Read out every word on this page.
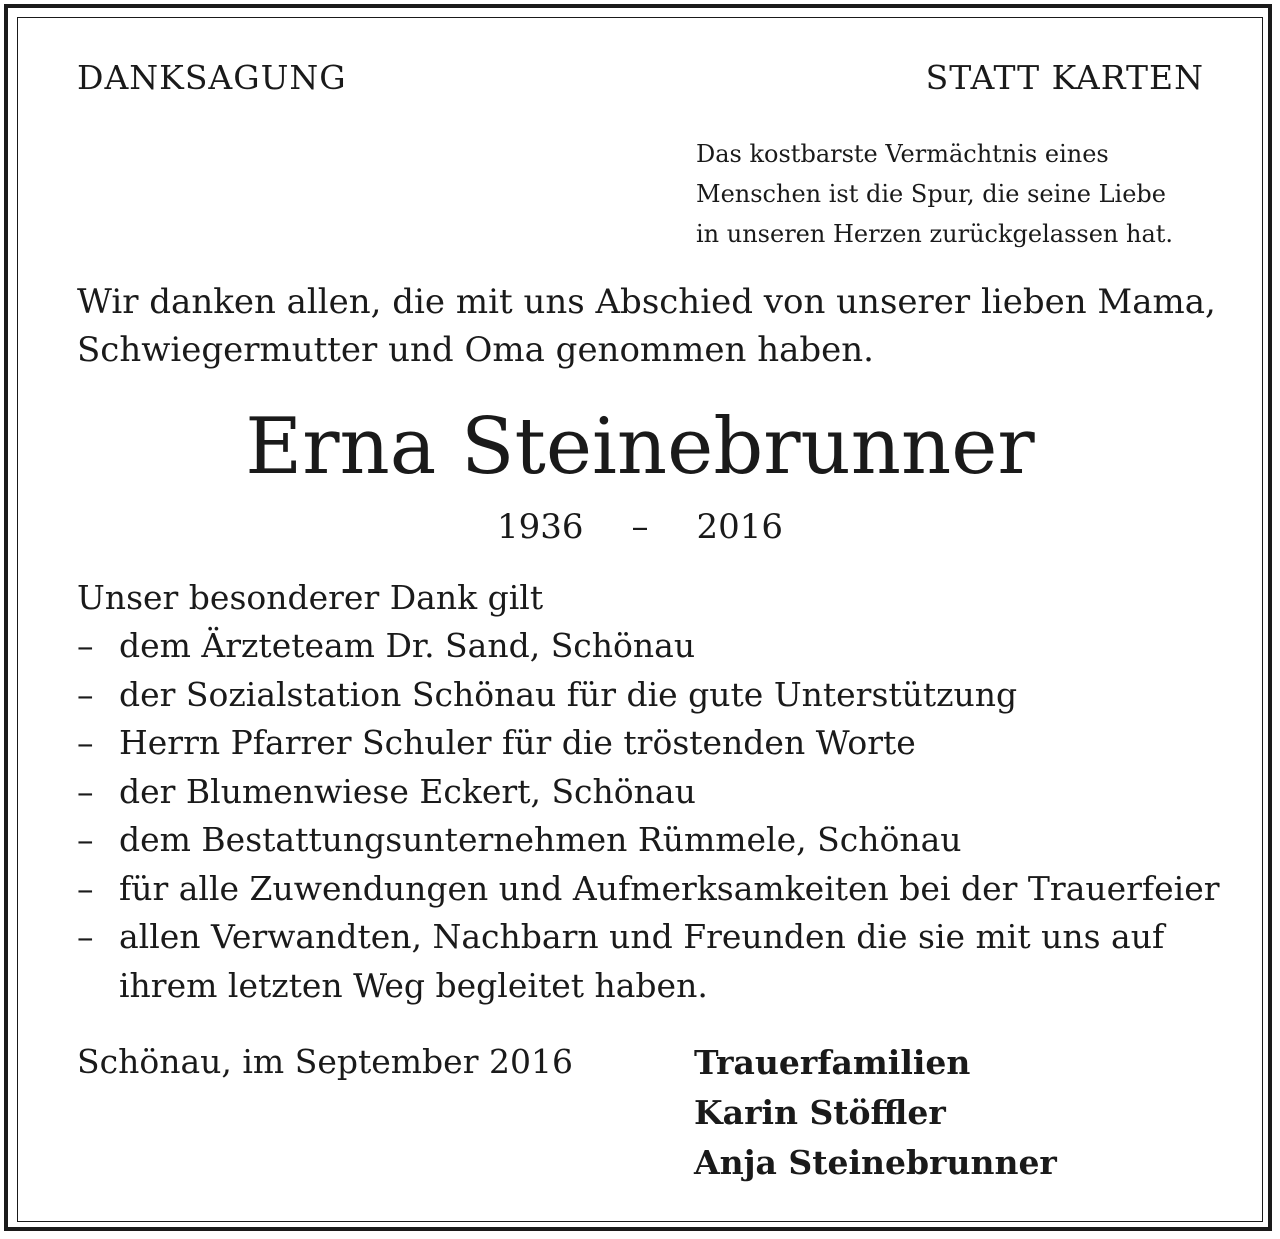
DANKSAGUNG	STATT KARTEN
Das kostbarste Vermächtnis eines
Menschen ist die Spur, die seine Liebe
in unseren Herzen zurückgelassen hat.
Wir danken allen, die mit uns Abschied von unserer lieben Mama,
Schwiegermutter und Oma genommen haben.
Erna Steinebrunner
1936 – 2016
Unser besonderer Dank gilt
– dem Ärzteteam Dr. Sand, Schönau
– der Sozialstation Schönau für die gute Unterstützung
– Herrn Pfarrer Schuler für die tröstenden Worte
– der Blumenwiese Eckert, Schönau
– dem Bestattungsunternehmen Rümmele, Schönau
– für alle Zuwendungen und Aufmerksamkeiten bei der Trauerfeier
– allen Verwandten, Nachbarn und Freunden die sie mit uns auf
ihrem letzten Weg begleitet haben.
Schönau, im September 2016	Trauerfamilien
Karin Stöffler
Anja Steinebrunner
